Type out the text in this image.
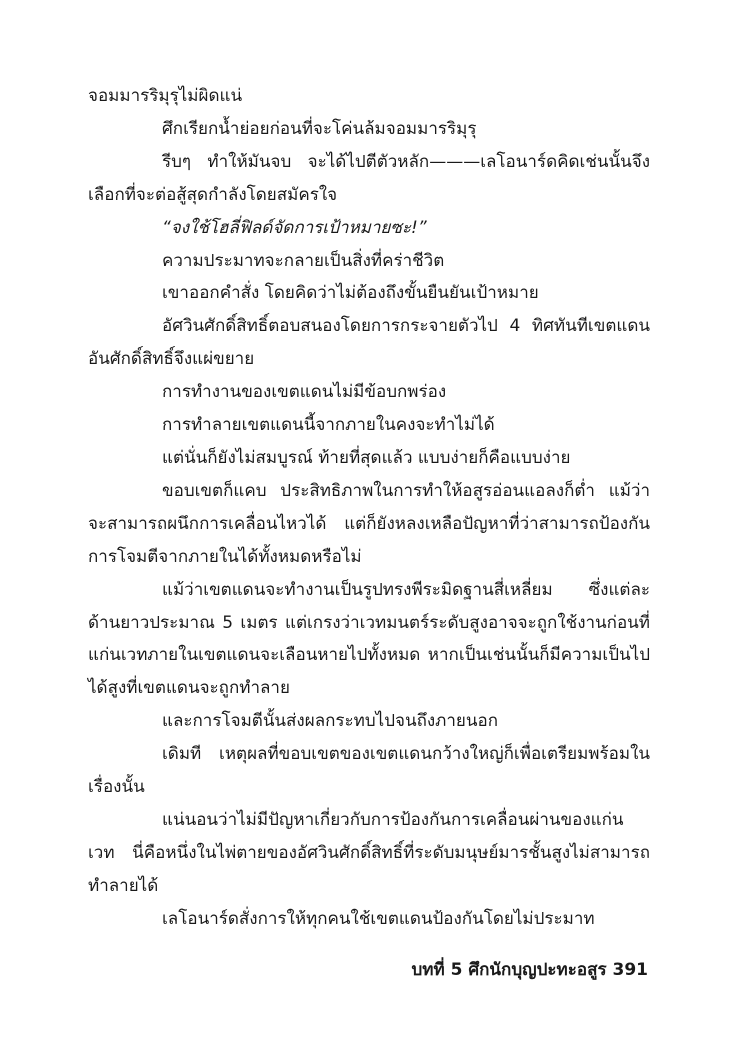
จอมมารริมุรุไม่ผิดแน่

ศึกเรียกน้ำย่อยก่อนที่จะโค่นล้มจอมมารริมุรุ

รีบๆ ทำให้มันจบ จะได้ไปตีตัวหลัก———เลโอนาร์ดคิดเช่นนั้นจึงเลือกที่จะต่อสู้สุดกำลังโดยสมัครใจ

“จงใช้โฮลี่ฟิลด์จัดการเป้าหมายซะ!”

ความประมาทจะกลายเป็นสิ่งที่คร่าชีวิต

เขาออกคำสั่ง โดยคิดว่าไม่ต้องถึงขั้นยืนยันเป้าหมาย

อัศวินศักดิ์สิทธิ์ตอบสนองโดยการกระจายตัวไป 4 ทิศทันทีเขตแดนอันศักดิ์สิทธิ์จึงแผ่ขยาย

การทำงานของเขตแดนไม่มีข้อบกพร่อง

การทำลายเขตแดนนี้จากภายในคงจะทำไม่ได้

แต่นั่นก็ยังไม่สมบูรณ์ ท้ายที่สุดแล้ว แบบง่ายก็คือแบบง่าย

ขอบเขตก็แคบ ประสิทธิภาพในการทำให้อสูรอ่อนแอลงก็ต่ำ แม้ว่าจะสามารถผนึกการเคลื่อนไหวได้ แต่ก็ยังหลงเหลือปัญหาที่ว่าสามารถป้องกันการโจมตีจากภายในได้ทั้งหมดหรือไม่

แม้ว่าเขตแดนจะทำงานเป็นรูปทรงพีระมิดฐานสี่เหลี่ยม ซึ่งแต่ละด้านยาวประมาณ 5 เมตร แต่เกรงว่าเวทมนตร์ระดับสูงอาจจะถูกใช้งานก่อนที่แก่นเวทภายในเขตแดนจะเลือนหายไปทั้งหมด หากเป็นเช่นนั้นก็มีความเป็นไปได้สูงที่เขตแดนจะถูกทำลาย

และการโจมตีนั้นส่งผลกระทบไปจนถึงภายนอก

เดิมที เหตุผลที่ขอบเขตของเขตแดนกว้างใหญ่ก็เพื่อเตรียมพร้อมในเรื่องนั้น

แน่นอนว่าไม่มีปัญหาเกี่ยวกับการป้องกันการเคลื่อนผ่านของแก่นเวท นี่คือหนึ่งในไพ่ตายของอัศวินศักดิ์สิทธิ์ที่ระดับมนุษย์มารชั้นสูงไม่สามารถทำลายได้

เลโอนาร์ดสั่งการให้ทุกคนใช้เขตแดนป้องกันโดยไม่ประมาท

บทที่ 5 ศึกนักบุญปะทะอสูร 391
